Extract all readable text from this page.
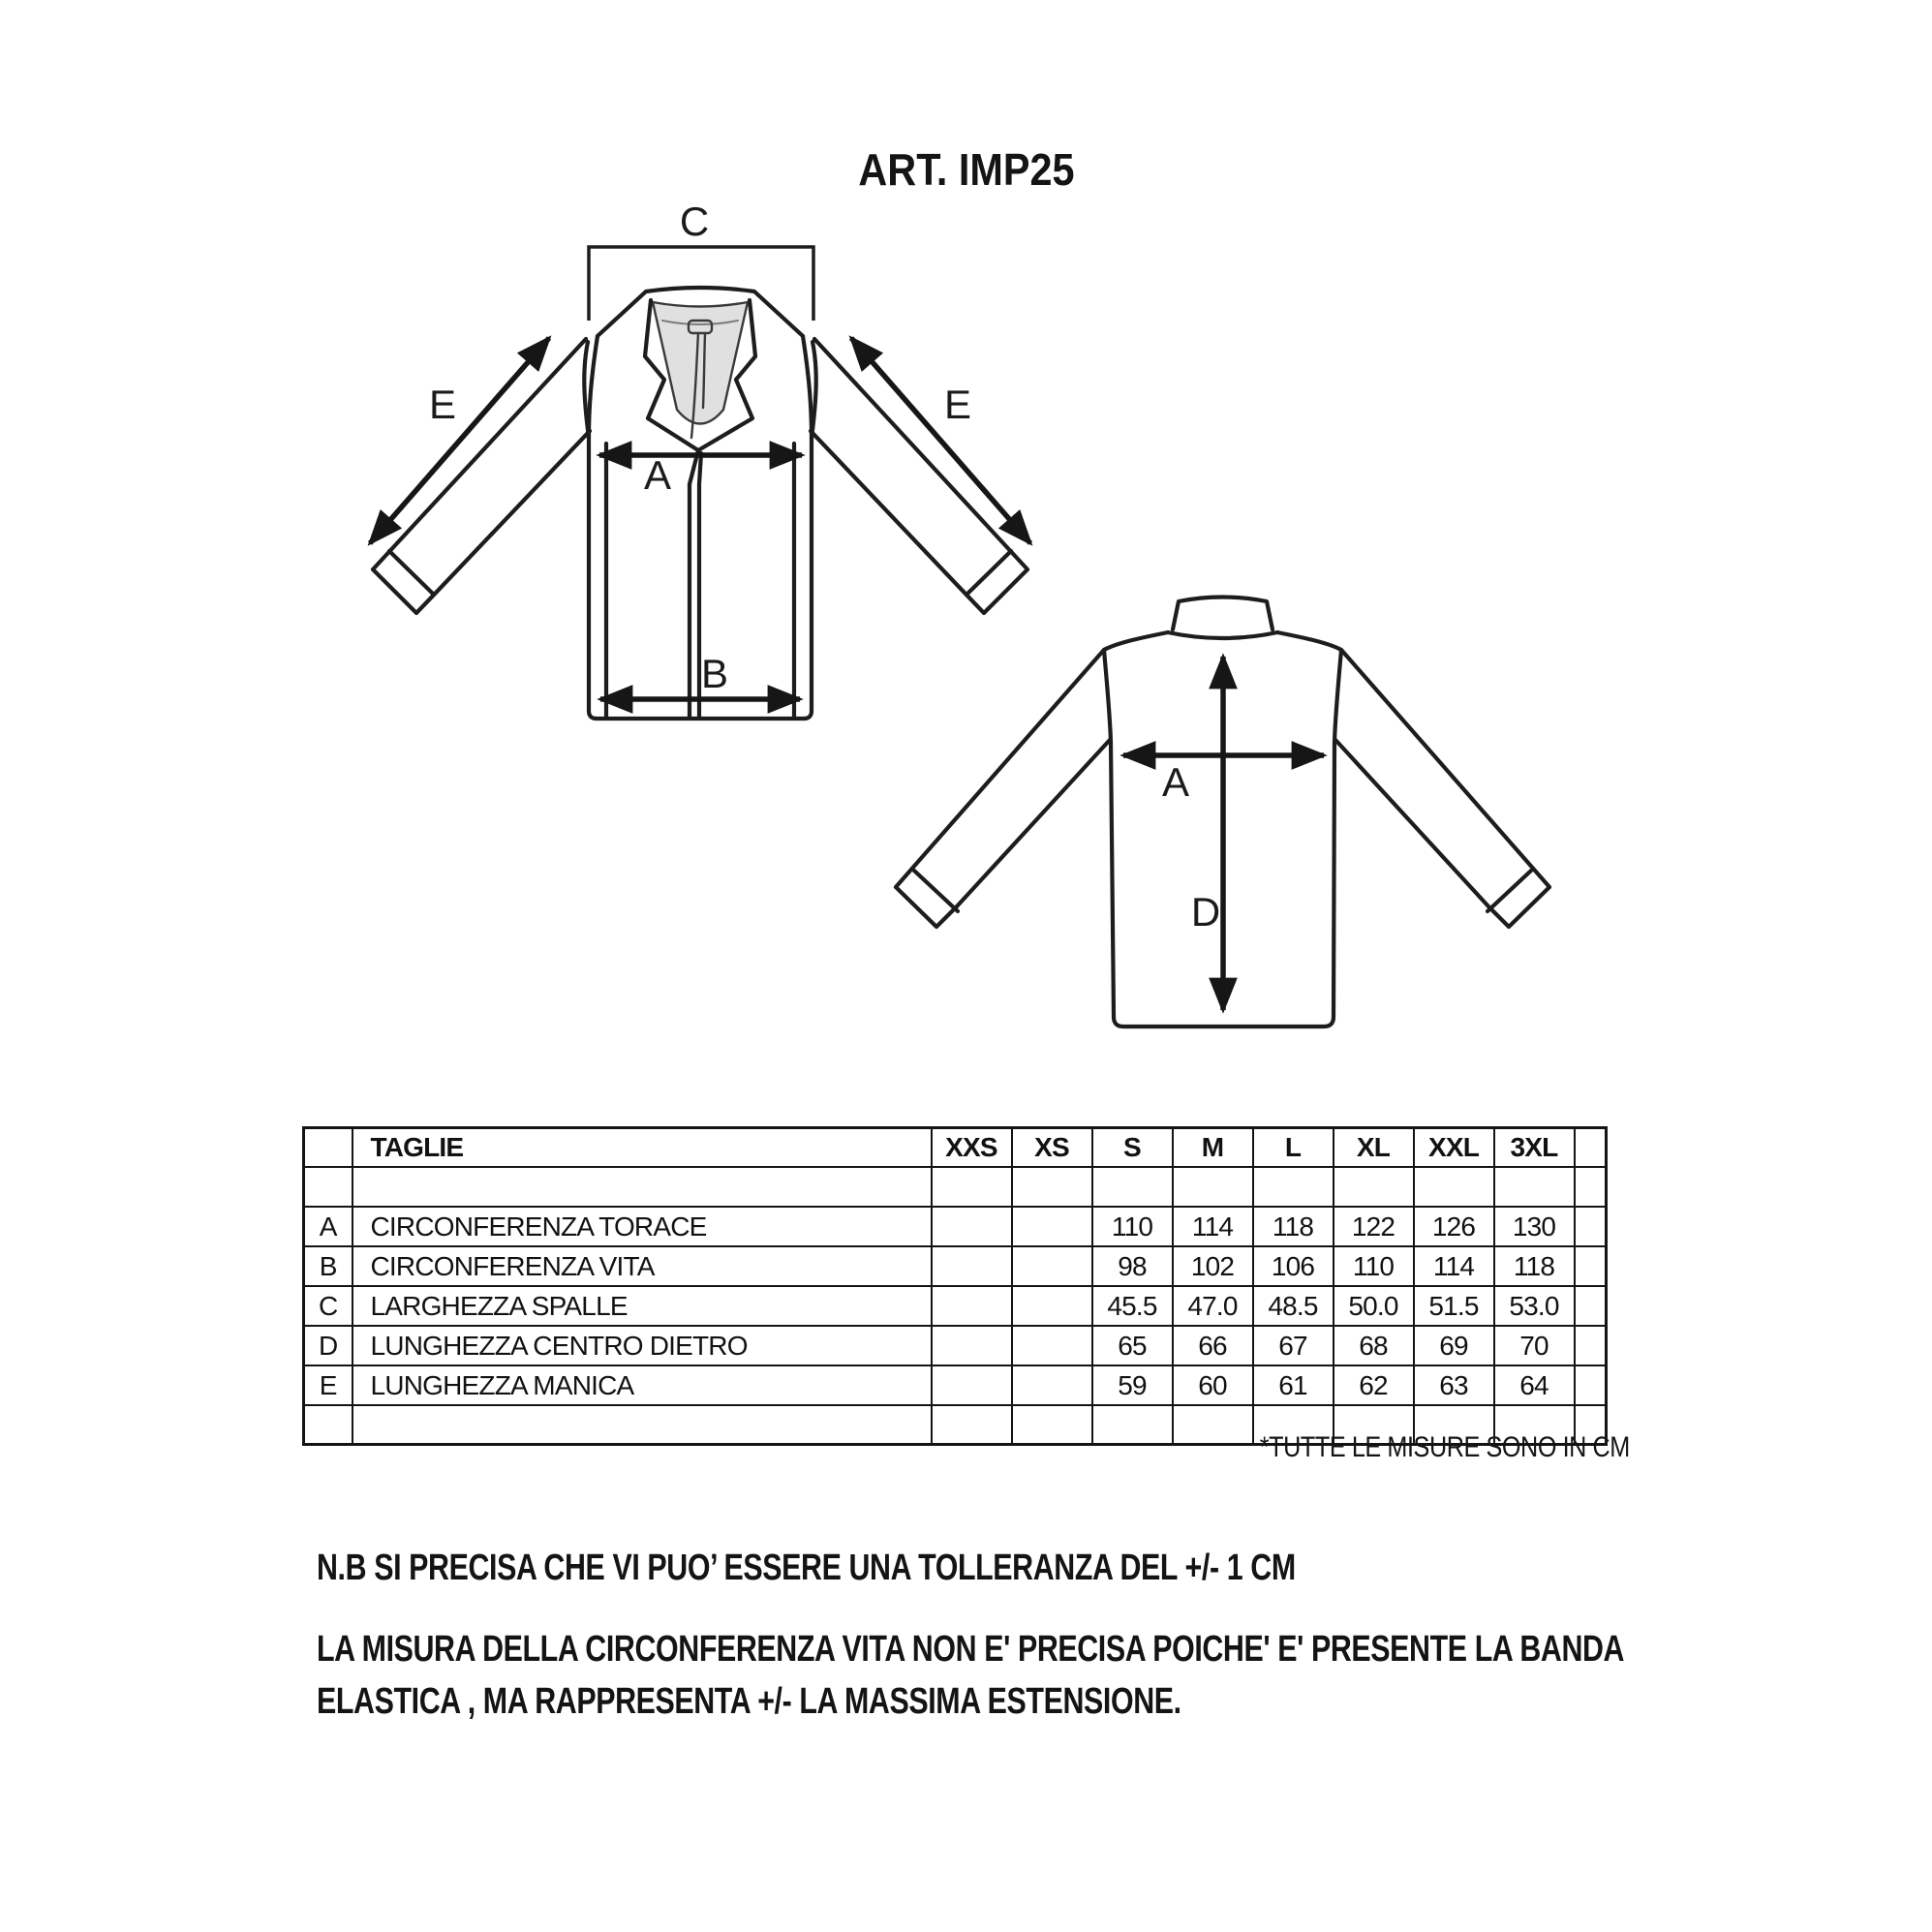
ART. IMP25
C
A
B
E	E
D
A
	TAGLIE	XXS	XS	S	M	L	XL	XXL	3XL	

A	CIRCONFERENZA TORACE			110	114	118	122	126	130	
B	CIRCONFERENZA VITA			98	102	106	110	114	118	
C	LARGHEZZA SPALLE			45.5	47.0	48.5	50.0	51.5	53.0	
D	LUNGHEZZA CENTRO DIETRO			65	66	67	68	69	70	
E	LUNGHEZZA MANICA			59	60	61	62	63	64	

*TUTTE LE MISURE SONO IN CM
N.B SI PRECISA CHE VI PUO’ ESSERE UNA TOLLERANZA DEL +/- 1 CM
LA MISURA DELLA CIRCONFERENZA VITA NON E' PRECISA POICHE' E' PRESENTE LA BANDA
ELASTICA , MA RAPPRESENTA +/- LA MASSIMA ESTENSIONE.
